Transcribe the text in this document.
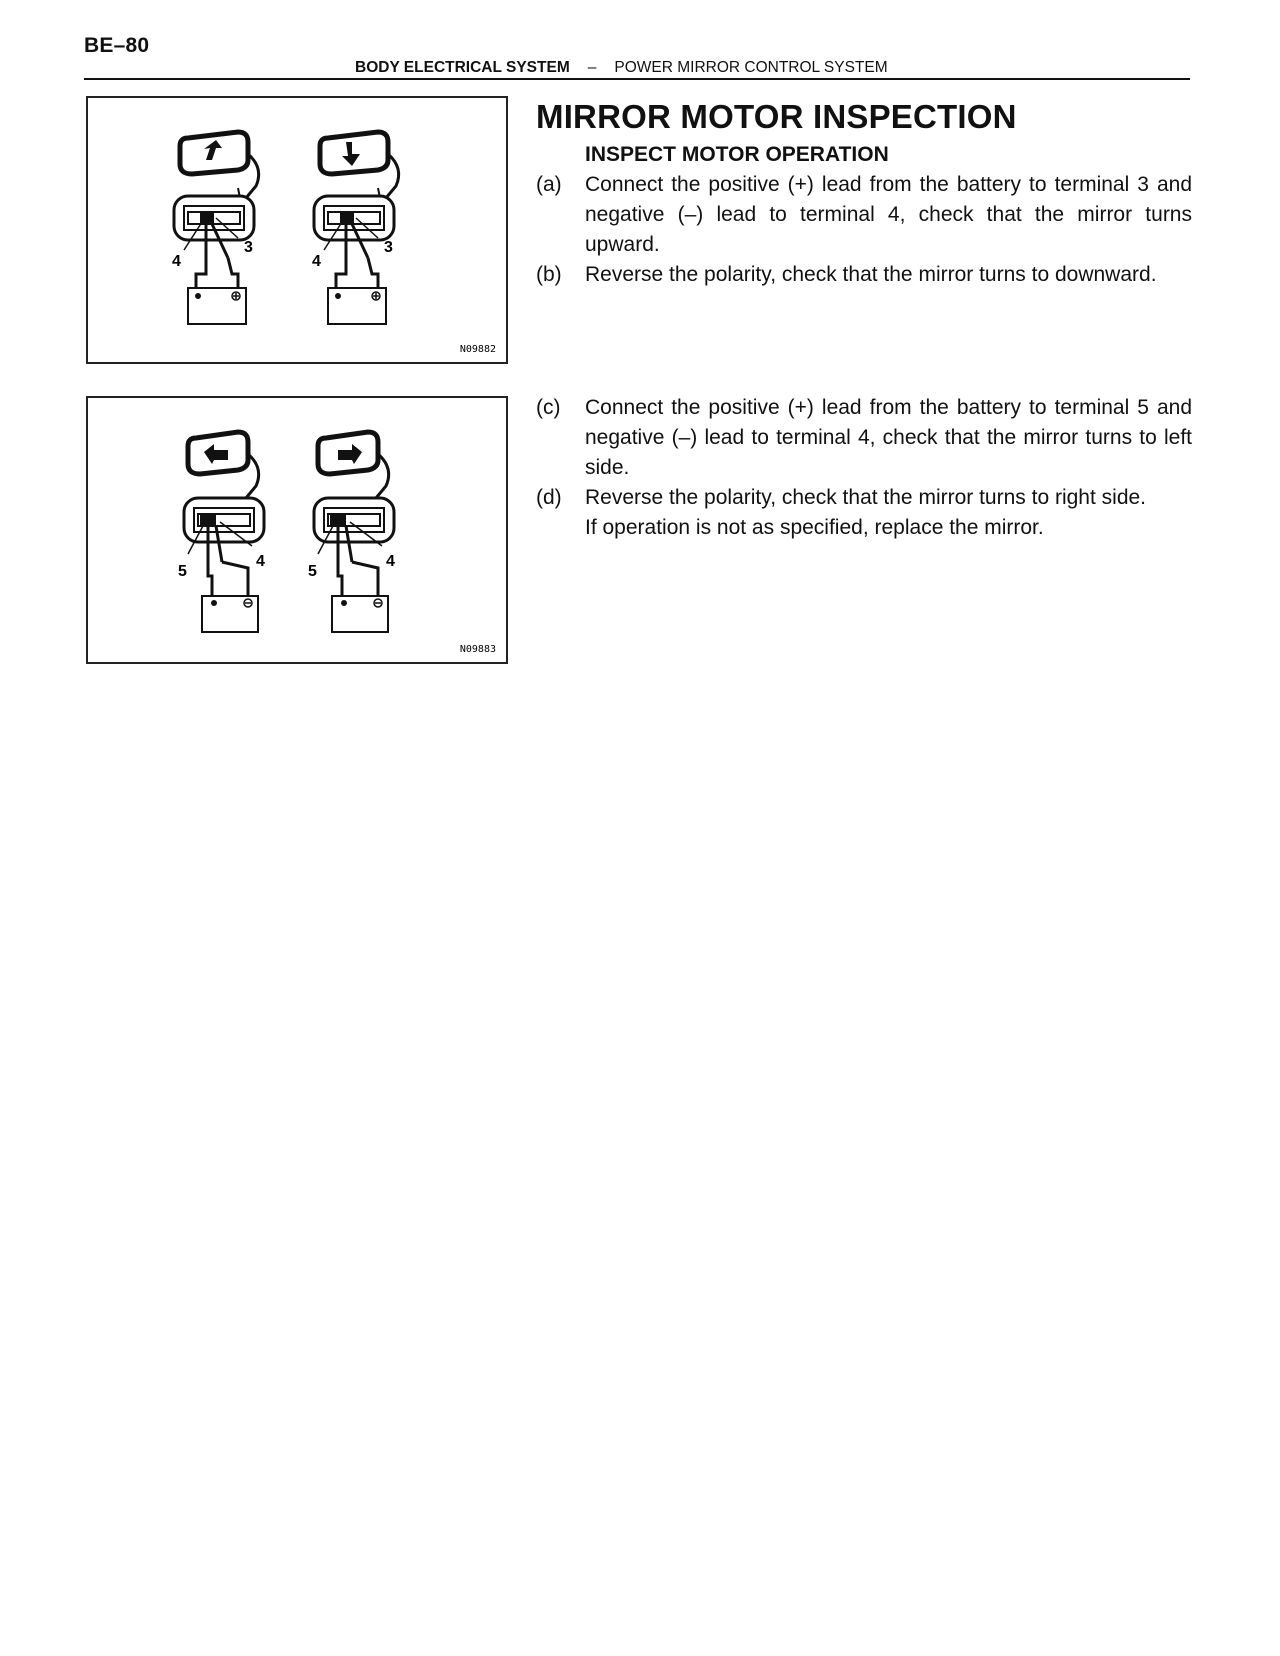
BE–80
BODY ELECTRICAL SYSTEM – POWER MIRROR CONTROL SYSTEM
4
3
4
3
N09882
5
4
5
4
N09883
MIRROR MOTOR INSPECTION
INSPECT MOTOR OPERATION
(a) Connect the positive (+) lead from the battery to terminal 3 and negative (–) lead to terminal 4, check that the mirror turns upward.
(b) Reverse the polarity, check that the mirror turns to downward.
(c) Connect the positive (+) lead from the battery to terminal 5 and negative (–) lead to terminal 4, check that the mirror turns to left side.
(d) Reverse the polarity, check that the mirror turns to right side.
If operation is not as specified, replace the mirror.
